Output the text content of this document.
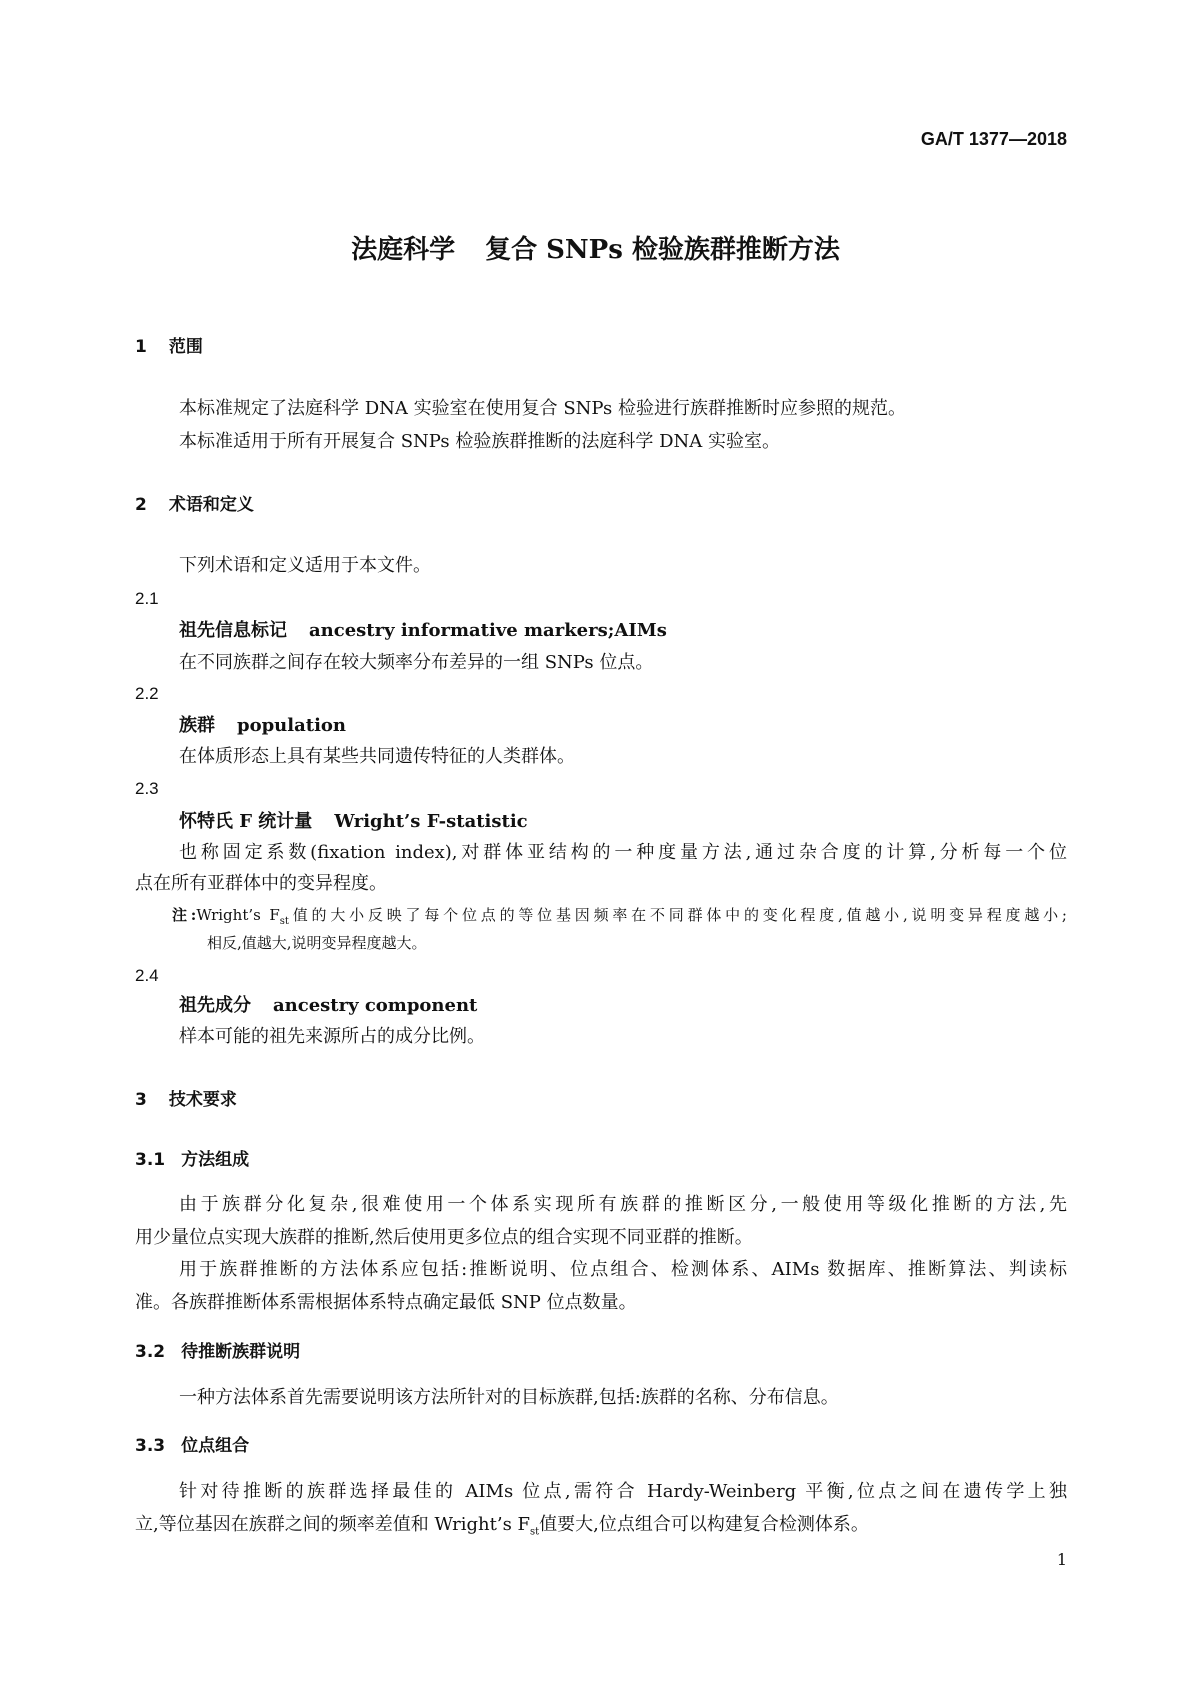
GA/T 1377—2018
法庭科学 复合 SNPs 检验族群推断方法
1 范围
本标准规定了法庭科学 DNA 实验室在使用复合 SNPs 检验进行族群推断时应参照的规范。
本标准适用于所有开展复合 SNPs 检验族群推断的法庭科学 DNA 实验室。
2 术语和定义
下列术语和定义适用于本文件。
2.1
祖先信息标记 ancestry informative markers;AIMs
在不同族群之间存在较大频率分布差异的一组 SNPs 位点。
2.2
族群 population
在体质形态上具有某些共同遗传特征的人类群体。
2.3
怀特氏 F 统计量 Wright’s F-statistic
也称固定系数(fixation index),对群体亚结构的一种度量方法,通过杂合度的计算,分析每一个位
点在所有亚群体中的变异程度。
注:Wright’s $F_{st}$值的大小反映了每个位点的等位基因频率在不同群体中的变化程度,值越小,说明变异程度越小;
相反,值越大,说明变异程度越大。
2.4
祖先成分 ancestry component
样本可能的祖先来源所占的成分比例。
3 技术要求
3.1 方法组成
由于族群分化复杂,很难使用一个体系实现所有族群的推断区分,一般使用等级化推断的方法,先
用少量位点实现大族群的推断,然后使用更多位点的组合实现不同亚群的推断。
用于族群推断的方法体系应包括:推断说明、位点组合、检测体系、AIMs 数据库、推断算法、判读标
准。各族群推断体系需根据体系特点确定最低 SNP 位点数量。
3.2 待推断族群说明
一种方法体系首先需要说明该方法所针对的目标族群,包括:族群的名称、分布信息。
3.3 位点组合
针对待推断的族群选择最佳的 AIMs 位点,需符合 Hardy-Weinberg 平衡,位点之间在遗传学上独
立,等位基因在族群之间的频率差值和 Wright’s $F_{st}$值要大,位点组合可以构建复合检测体系。
1
